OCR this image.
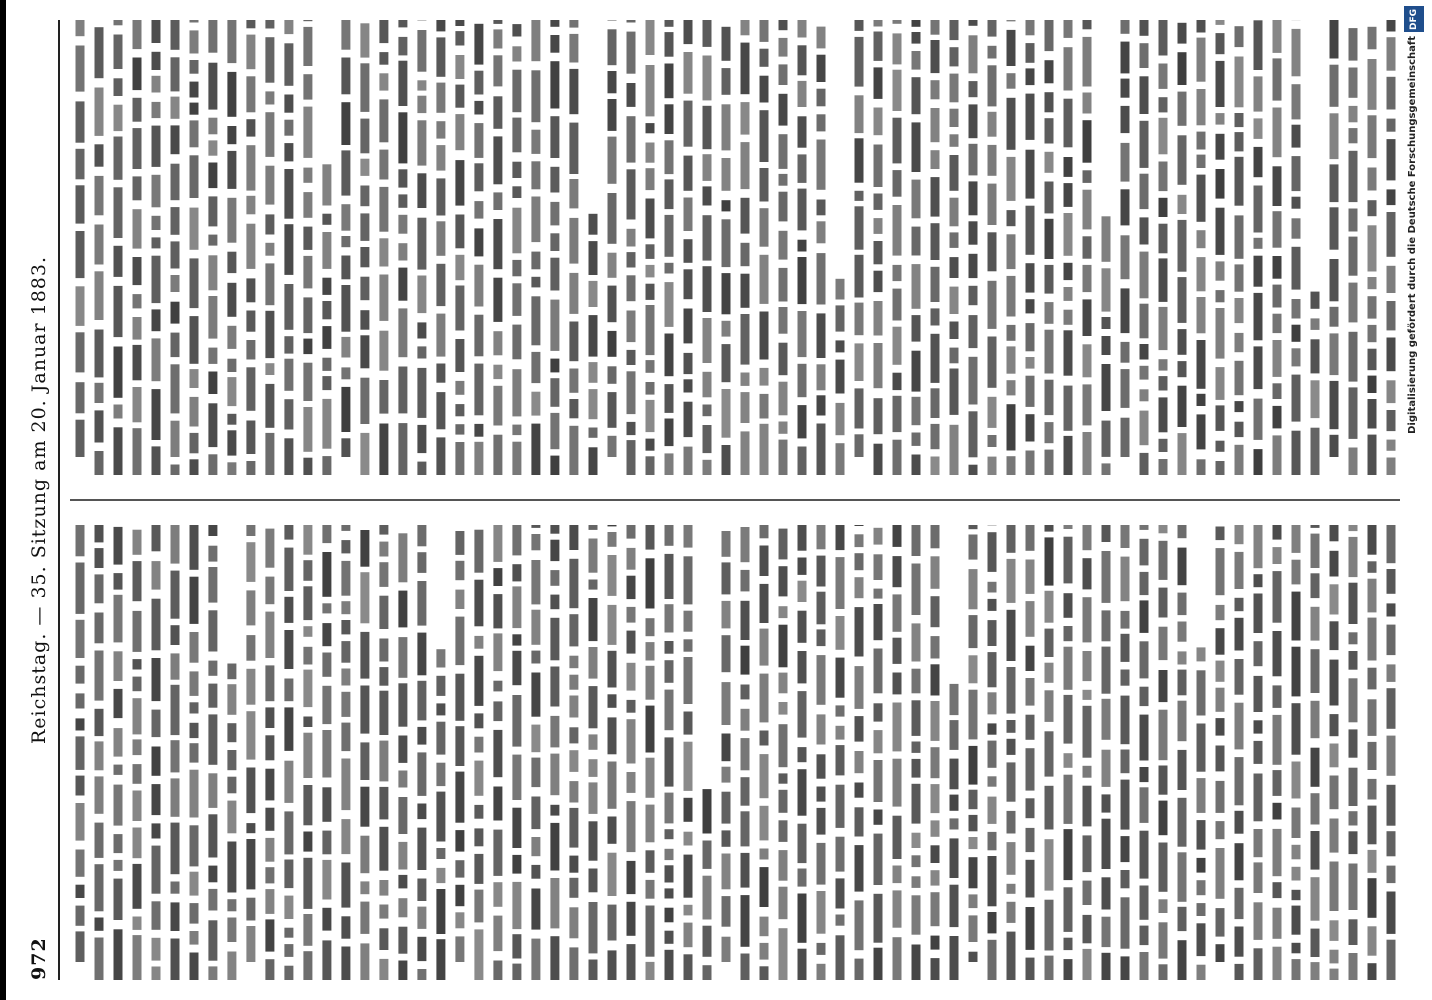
972
Reichstag. — 35. Sitzung am 20. Januar 1883.
DFG
Digitalisierung gefördert durch die Deutsche Forschungsgemeinschaft
